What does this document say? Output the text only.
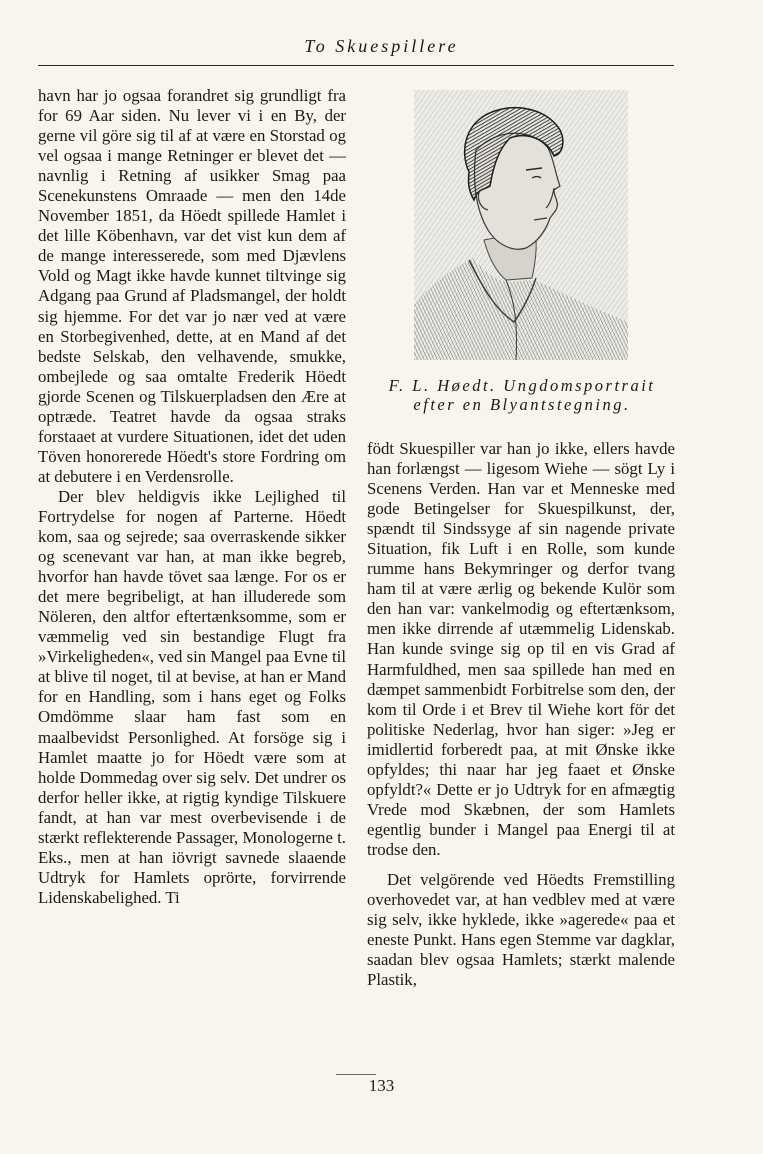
To Skuespillere

havn har jo ogsaa forandret sig grundligt fra for 69 Aar siden. Nu lever vi i en By, der gerne vil göre sig til af at være en Storstad og vel ogsaa i mange Retninger er blevet det — navnlig i Retning af usikker Smag paa Scenekunstens Omraade — men den 14de November 1851, da Höedt spillede Hamlet i det lille Köbenhavn, var det vist kun dem af de mange interesserede, som med Djævlens Vold og Magt ikke havde kunnet tiltvinge sig Adgang paa Grund af Pladsmangel, der holdt sig hjemme. For det var jo nær ved at være en Storbegivenhed, dette, at en Mand af det bedste Selskab, den velhavende, smukke, ombejlede og saa omtalte Frederik Höedt gjorde Scenen og Tilskuerpladsen den Ære at optræde. Teatret havde da ogsaa straks forstaaet at vurdere Situationen, idet det uden Töven honorerede Höedt's store Fordring om at debutere i en Verdensrolle.

Der blev heldigvis ikke Lejlighed til Fortrydelse for nogen af Parterne. Höedt kom, saa og sejrede; saa overraskende sikker og scenevant var han, at man ikke begreb, hvorfor han havde tövet saa længe. For os er det mere begribeligt, at han illuderede som Nöleren, den altfor eftertænksomme, som er væmmelig ved sin bestandige Flugt fra »Virkeligheden«, ved sin Mangel paa Evne til at blive til noget, til at bevise, at han er Mand for en Handling, som i hans eget og Folks Omdömme slaar ham fast som en maalbevidst Personlighed. At forsöge sig i Hamlet maatte jo for Höedt være som at holde Dommedag over sig selv. Det undrer os derfor heller ikke, at rigtig kyndige Tilskuere fandt, at han var mest overbevisende i de stærkt reflekterende Passager, Monologerne t. Eks., men at han iövrigt savnede slaaende Udtryk for Hamlets oprörte, forvirrende Lidenskabelighed. Ti

F. L. Høedt. Ungdomsportrait
efter en Blyantstegning.

födt Skuespiller var han jo ikke, ellers havde han forlængst — ligesom Wiehe — sögt Ly i Scenens Verden. Han var et Menneske med gode Betingelser for Skuespilkunst, der, spændt til Sindssyge af sin nagende private Situation, fik Luft i en Rolle, som kunde rumme hans Bekymringer og derfor tvang ham til at være ærlig og bekende Kulör som den han var: vankelmodig og eftertænksom, men ikke dirrende af utæmmelig Lidenskab. Han kunde svinge sig op til en vis Grad af Harmfuldhed, men saa spillede han med en dæmpet sammenbidt Forbitrelse som den, der kom til Orde i et Brev til Wiehe kort för det politiske Nederlag, hvor han siger: »Jeg er imidlertid forberedt paa, at mit Ønske ikke opfyldes; thi naar har jeg faaet et Ønske opfyldt?« Dette er jo Udtryk for en afmægtig Vrede mod Skæbnen, der som Hamlets egentlig bunder i Mangel paa Energi til at trodse den.

Det velgörende ved Höedts Fremstilling overhovedet var, at han vedblev med at være sig selv, ikke hyklede, ikke »agerede« paa et eneste Punkt. Hans egen Stemme var dagklar, saadan blev ogsaa Hamlets; stærkt malende Plastik,

133
